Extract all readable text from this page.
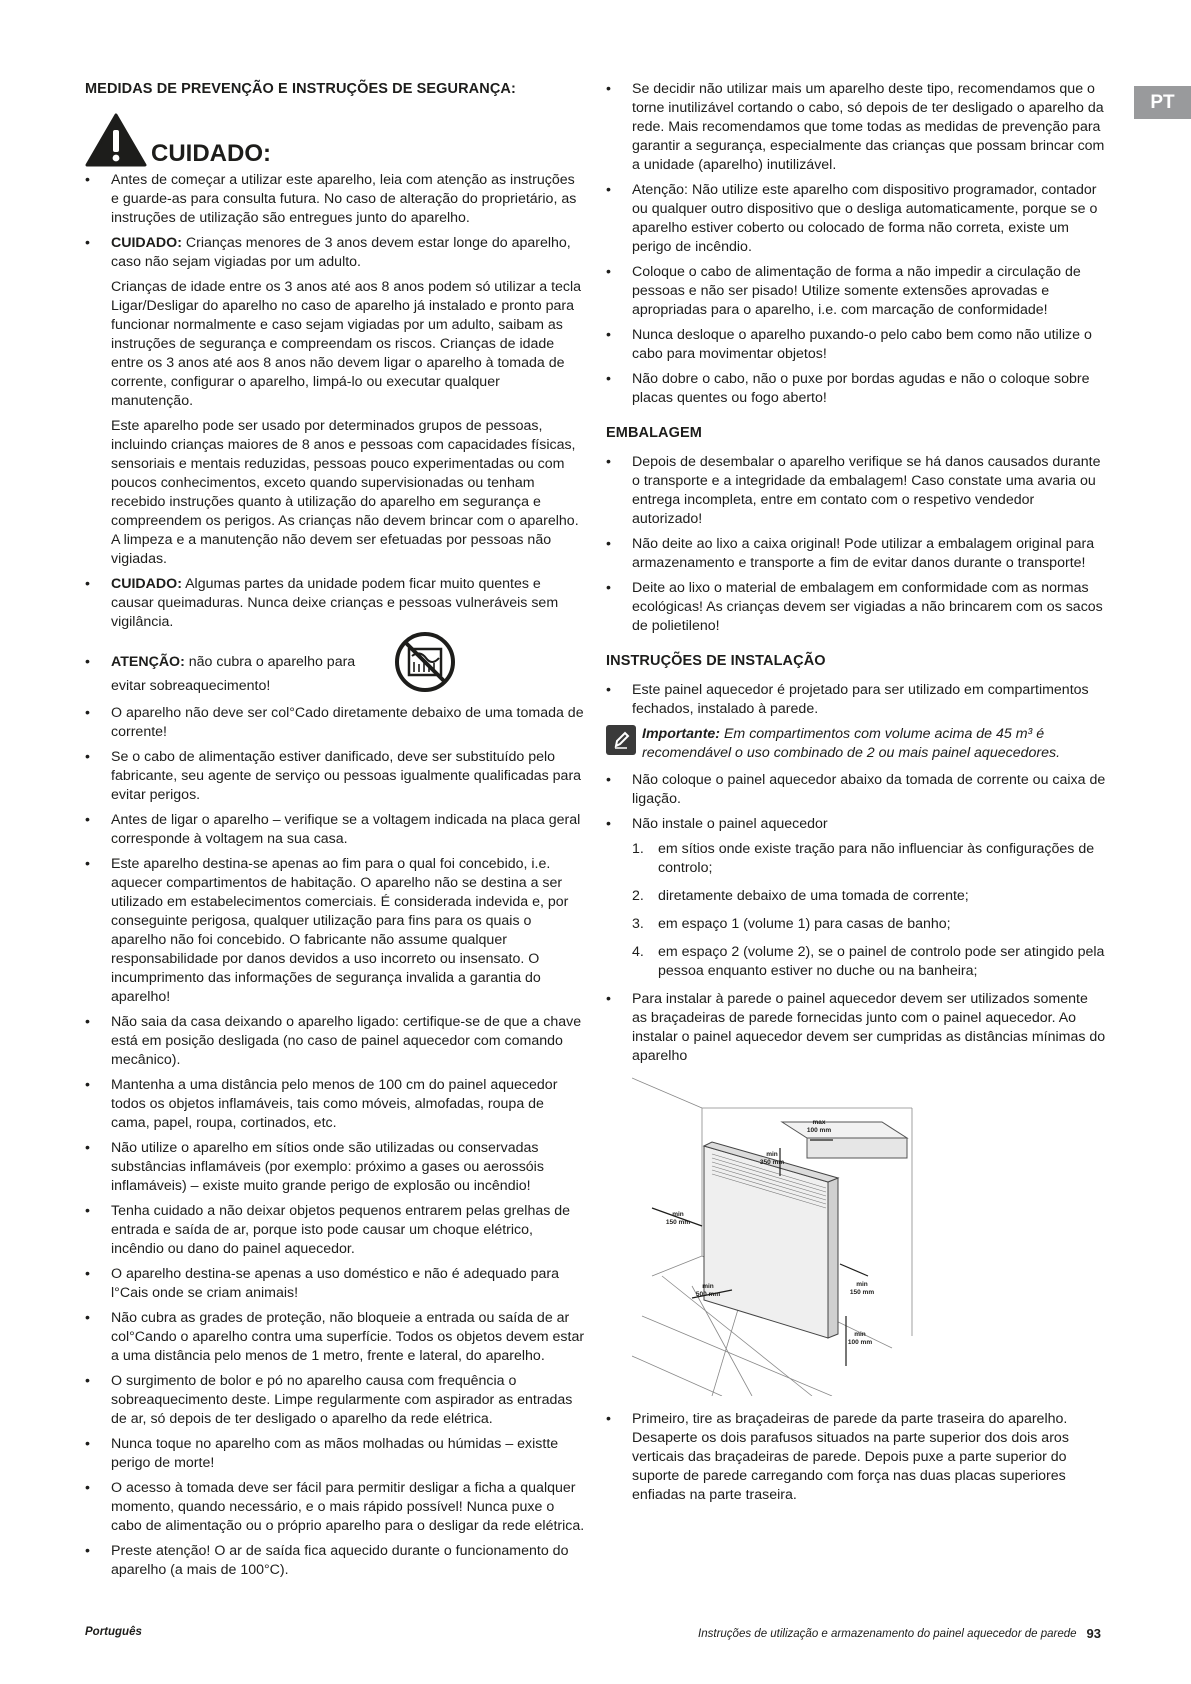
PT
MEDIDAS DE PREVENÇÃO E INSTRUÇÕES DE SEGURANÇA:
CUIDADO:
• Antes de começar a utilizar este aparelho, leia com atenção as instruções e guarde-as para consulta futura. No caso de alteração do proprietário, as instruções de utilização são entregues junto do aparelho.
• CUIDADO: Crianças menores de 3 anos devem estar longe do aparelho, caso não sejam vigiadas por um adulto.
Crianças de idade entre os 3 anos até aos 8 anos podem só utilizar a tecla Ligar/Desligar do aparelho no caso de aparelho já instalado e pronto para funcionar normalmente e caso sejam vigiadas por um adulto, saibam as instruções de segurança e compreendam os riscos. Crianças de idade entre os 3 anos até aos 8 anos não devem ligar o aparelho à tomada de corrente, configurar o aparelho, limpá-lo ou executar qualquer manutenção.
Este aparelho pode ser usado por determinados grupos de pessoas, incluindo crianças maiores de 8 anos e pessoas com capacidades físicas, sensoriais e mentais reduzidas, pessoas pouco experimentadas ou com poucos conhecimentos, exceto quando supervisionadas ou tenham recebido instruções quanto à utilização do aparelho em segurança e compreendem os perigos. As crianças não devem brincar com o aparelho. A limpeza e a manutenção não devem ser efetuadas por pessoas não vigiadas.
• CUIDADO: Algumas partes da unidade podem ficar muito quentes e causar queimaduras. Nunca deixe crianças e pessoas vulneráveis sem vigilância.
• ATENÇÃO: não cubra o aparelho para evitar sobreaquecimento!
• O aparelho não deve ser col°Cado diretamente debaixo de uma tomada de corrente!
• Se o cabo de alimentação estiver danificado, deve ser substituído pelo fabricante, seu agente de serviço ou pessoas igualmente qualificadas para evitar perigos.
• Antes de ligar o aparelho – verifique se a voltagem indicada na placa geral corresponde à voltagem na sua casa.
• Este aparelho destina-se apenas ao fim para o qual foi concebido, i.e. aquecer compartimentos de habitação. O aparelho não se destina a ser utilizado em estabelecimentos comerciais. É considerada indevida e, por conseguinte perigosa, qualquer utilização para fins para os quais o aparelho não foi concebido. O fabricante não assume qualquer responsabilidade por danos devidos a uso incorreto ou insensato. O incumprimento das informações de segurança invalida a garantia do aparelho!
• Não saia da casa deixando o aparelho ligado: certifique-se de que a chave está em posição desligada (no caso de painel aquecedor com comando mecânico).
• Mantenha a uma distância pelo menos de 100 cm do painel aquecedor todos os objetos inflamáveis, tais como móveis, almofadas, roupa de cama, papel, roupa, cortinados, etc.
• Não utilize o aparelho em sítios onde são utilizadas ou conservadas substâncias inflamáveis (por exemplo: próximo a gases ou aerossóis inflamáveis) – existe muito grande perigo de explosão ou incêndio!
• Tenha cuidado a não deixar objetos pequenos entrarem pelas grelhas de entrada e saída de ar, porque isto pode causar um choque elétrico, incêndio ou dano do painel aquecedor.
• O aparelho destina-se apenas a uso doméstico e não é adequado para l°Cais onde se criam animais!
• Não cubra as grades de proteção, não bloqueie a entrada ou saída de ar col°Cando o aparelho contra uma superfície. Todos os objetos devem estar a uma distância pelo menos de 1 metro, frente e lateral, do aparelho.
• O surgimento de bolor e pó no aparelho causa com frequência o sobreaquecimento deste. Limpe regularmente com aspirador as entradas de ar, só depois de ter desligado o aparelho da rede elétrica.
• Nunca toque no aparelho com as mãos molhadas ou húmidas – existte perigo de morte!
• O acesso à tomada deve ser fácil para permitir desligar a ficha a qualquer momento, quando necessário, e o mais rápido possível! Nunca puxe o cabo de alimentação ou o próprio aparelho para o desligar da rede elétrica.
• Preste atenção! O ar de saída fica aquecido durante o funcionamento do aparelho (a mais de 100°C).
• Se decidir não utilizar mais um aparelho deste tipo, recomendamos que o torne inutilizável cortando o cabo, só depois de ter desligado o aparelho da rede. Mais recomendamos que tome todas as medidas de prevenção para garantir a segurança, especialmente das crianças que possam brincar com a unidade (aparelho) inutilizável.
• Atenção: Não utilize este aparelho com dispositivo programador, contador ou qualquer outro dispositivo que o desliga automaticamente, porque se o aparelho estiver coberto ou colocado de forma não correta, existe um perigo de incêndio.
• Coloque o cabo de alimentação de forma a não impedir a circulação de pessoas e não ser pisado! Utilize somente extensões aprovadas e apropriadas para o aparelho, i.e. com marcação de conformidade!
• Nunca desloque o aparelho puxando-o pelo cabo bem como não utilize o cabo para movimentar objetos!
• Não dobre o cabo, não o puxe por bordas agudas e não o coloque sobre placas quentes ou fogo aberto!
EMBALAGEM
• Depois de desembalar o aparelho verifique se há danos causados durante o transporte e a integridade da embalagem! Caso constate uma avaria ou entrega incompleta, entre em contato com o respetivo vendedor autorizado!
• Não deite ao lixo a caixa original! Pode utilizar a embalagem original para armazenamento e transporte a fim de evitar danos durante o transporte!
• Deite ao lixo o material de embalagem em conformidade com as normas ecológicas! As crianças devem ser vigiadas a não brincarem com os sacos de polietileno!
INSTRUÇÕES DE INSTALAÇÃO
• Este painel aquecedor é projetado para ser utilizado em compartimentos fechados, instalado à parede.
Importante: Em compartimentos com volume acima de 45 m³ é recomendável o uso combinado de 2 ou mais painel aquecedores.
• Não coloque o painel aquecedor abaixo da tomada de corrente ou caixa de ligação.
• Não instale o painel aquecedor
1. em sítios onde existe tração para não influenciar às configurações de controlo;
2. diretamente debaixo de uma tomada de corrente;
3. em espaço 1 (volume 1) para casas de banho;
4. em espaço 2 (volume 2), se o painel de controlo pode ser atingido pela pessoa enquanto estiver no duche ou na banheira;
• Para instalar à parede o painel aquecedor devem ser utilizados somente as braçadeiras de parede fornecidas junto com o painel aquecedor. Ao instalar o painel aquecedor devem ser cumpridas as distâncias mínimas do aparelho
max
100 mm
min
350 mm
min
150 mm
min
150 mm
min
500 mm
min
100 mm
• Primeiro, tire as braçadeiras de parede da parte traseira do aparelho. Desaperte os dois parafusos situados na parte superior dos dois aros verticais das braçadeiras de parede. Depois puxe a parte superior do suporte de parede carregando com força nas duas placas superiores enfiadas na parte traseira.
Português	Instruções de utilização e armazenamento do painel aquecedor de parede 93
